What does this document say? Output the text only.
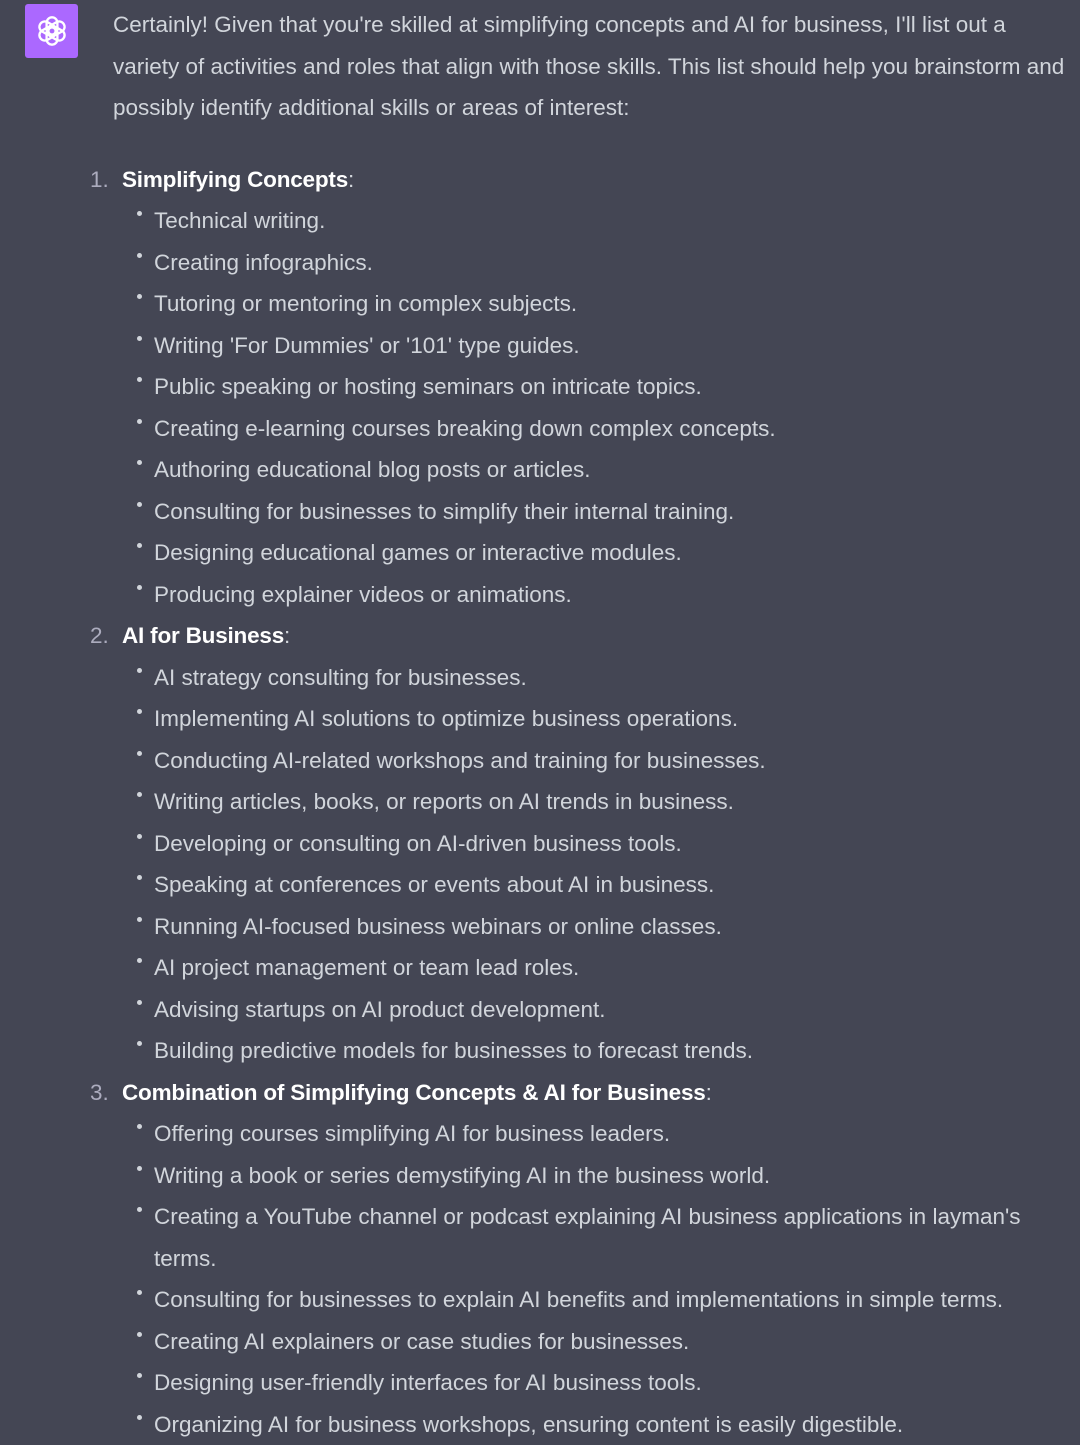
Certainly! Given that you're skilled at simplifying concepts and AI for business, I'll list out a variety of activities and roles that align with those skills. This list should help you brainstorm and possibly identify additional skills or areas of interest:

1. Simplifying Concepts:
Technical writing.
Creating infographics.
Tutoring or mentoring in complex subjects.
Writing 'For Dummies' or '101' type guides.
Public speaking or hosting seminars on intricate topics.
Creating e-learning courses breaking down complex concepts.
Authoring educational blog posts or articles.
Consulting for businesses to simplify their internal training.
Designing educational games or interactive modules.
Producing explainer videos or animations.
2. AI for Business:
AI strategy consulting for businesses.
Implementing AI solutions to optimize business operations.
Conducting AI-related workshops and training for businesses.
Writing articles, books, or reports on AI trends in business.
Developing or consulting on AI-driven business tools.
Speaking at conferences or events about AI in business.
Running AI-focused business webinars or online classes.
AI project management or team lead roles.
Advising startups on AI product development.
Building predictive models for businesses to forecast trends.
3. Combination of Simplifying Concepts & AI for Business:
Offering courses simplifying AI for business leaders.
Writing a book or series demystifying AI in the business world.
Creating a YouTube channel or podcast explaining AI business applications in layman's terms.
Consulting for businesses to explain AI benefits and implementations in simple terms.
Creating AI explainers or case studies for businesses.
Designing user-friendly interfaces for AI business tools.
Organizing AI for business workshops, ensuring content is easily digestible.
